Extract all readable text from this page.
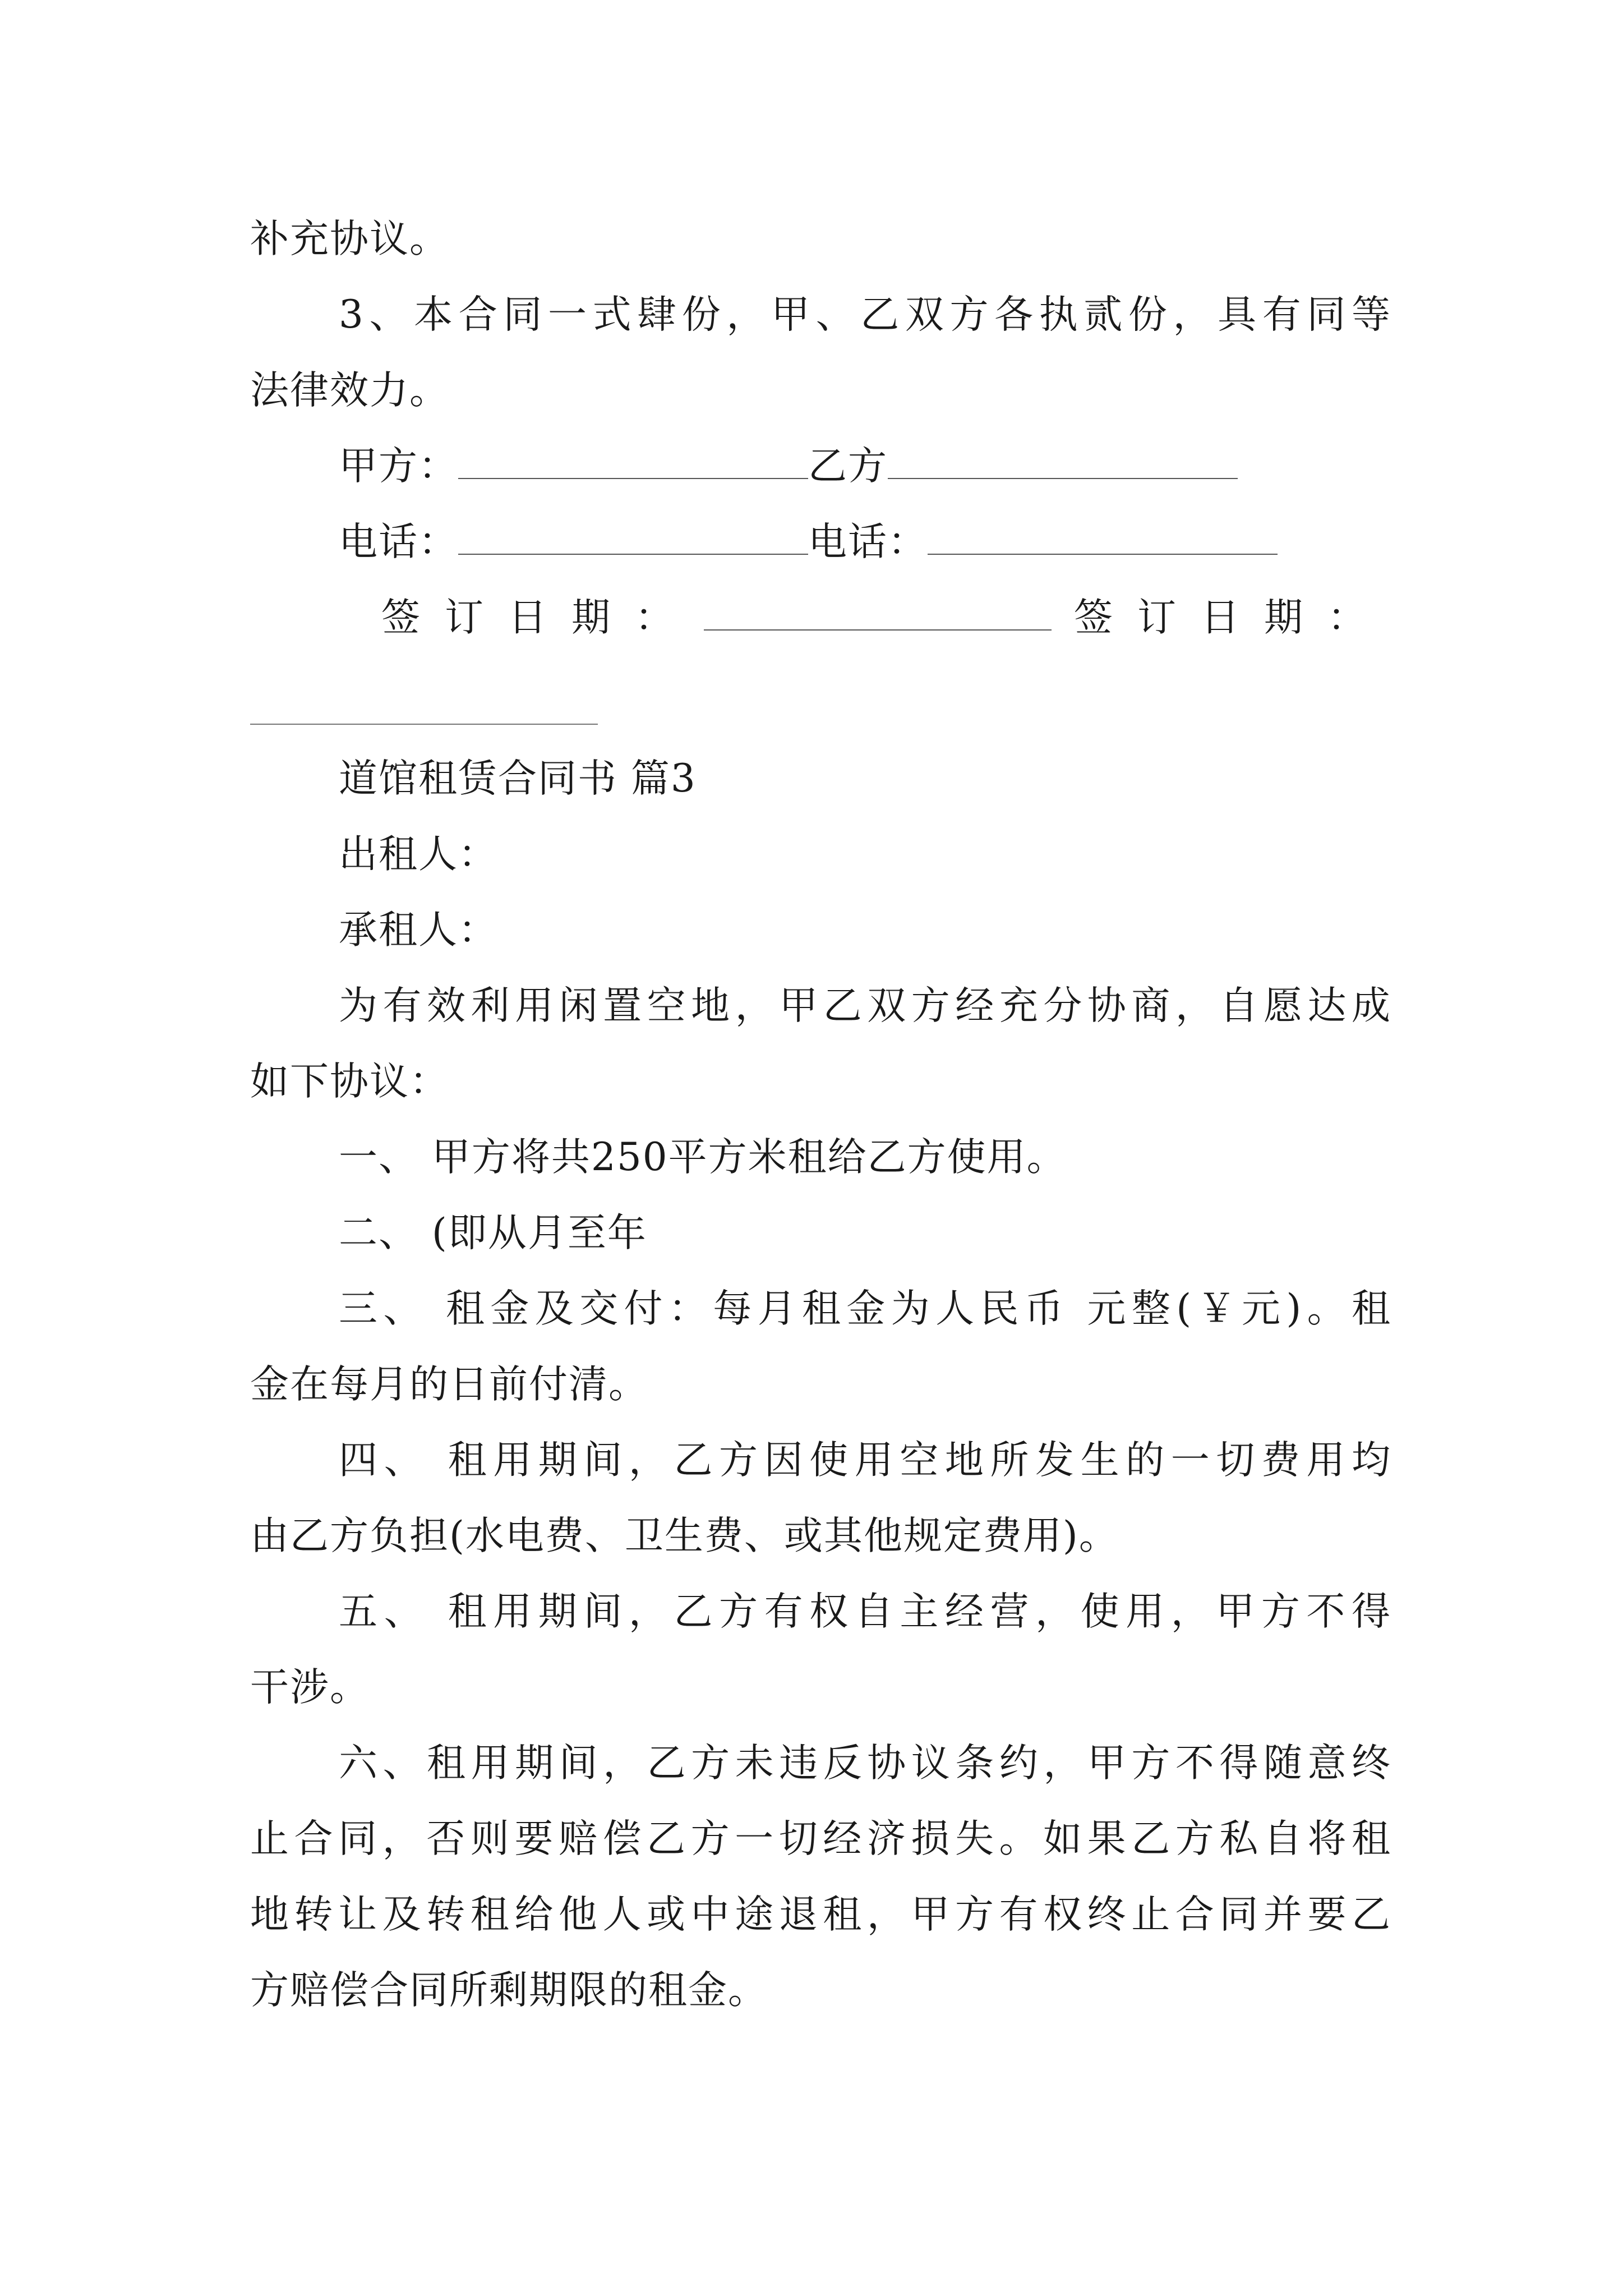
补充协议。
3、本合同一式肆份，甲、乙双方各执贰份，具有同等
法律效力。
甲方：	乙方
电话：	电话：
签订日期：	签订日期：
道馆租赁合同书 篇3
出租人：
承租人：
为有效利用闲置空地，甲乙双方经充分协商，自愿达成
如下协议：
一、 甲方将共250平方米租给乙方使用。
二、 (即从月至年
三、 租金及交付：每月租金为人民币 元整(￥元)。租
金在每月的日前付清。
四、 租用期间，乙方因使用空地所发生的一切费用均
由乙方负担(水电费、卫生费、或其他规定费用)。
五、 租用期间，乙方有权自主经营，使用，甲方不得
干涉。
六、租用期间，乙方未违反协议条约，甲方不得随意终
止合同，否则要赔偿乙方一切经济损失。如果乙方私自将租
地转让及转租给他人或中途退租，甲方有权终止合同并要乙
方赔偿合同所剩期限的租金。
